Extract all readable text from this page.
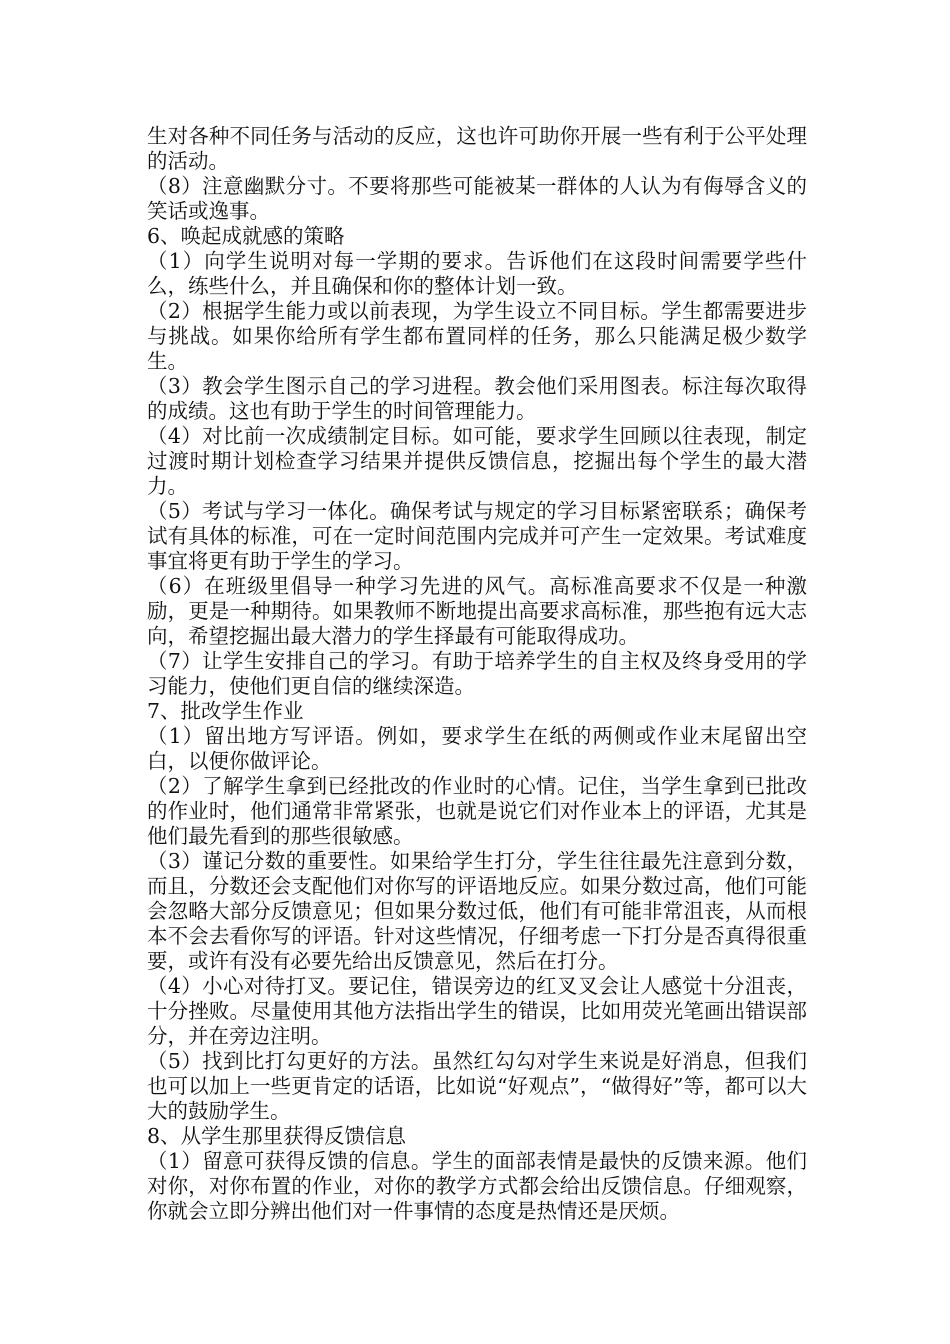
生对各种不同任务与活动的反应，这也许可助你开展一些有利于公平处理的活动。

（8）注意幽默分寸。不要将那些可能被某一群体的人认为有侮辱含义的笑话或逸事。

6、唤起成就感的策略

（1）向学生说明对每一学期的要求。告诉他们在这段时间需要学些什么，练些什么，并且确保和你的整体计划一致。

（2）根据学生能力或以前表现，为学生设立不同目标。学生都需要进步与挑战。如果你给所有学生都布置同样的任务，那么只能满足极少数学生。

（3）教会学生图示自己的学习进程。教会他们采用图表。标注每次取得的成绩。这也有助于学生的时间管理能力。

（4）对比前一次成绩制定目标。如可能，要求学生回顾以往表现，制定过渡时期计划检查学习结果并提供反馈信息，挖掘出每个学生的最大潜力。

（5）考试与学习一体化。确保考试与规定的学习目标紧密联系；确保考试有具体的标准，可在一定时间范围内完成并可产生一定效果。考试难度事宜将更有助于学生的学习。

（6）在班级里倡导一种学习先进的风气。高标准高要求不仅是一种激励，更是一种期待。如果教师不断地提出高要求高标准，那些抱有远大志向，希望挖掘出最大潜力的学生择最有可能取得成功。

（7）让学生安排自己的学习。有助于培养学生的自主权及终身受用的学习能力，使他们更自信的继续深造。

7、批改学生作业

（1）留出地方写评语。例如，要求学生在纸的两侧或作业末尾留出空白，以便你做评论。

（2）了解学生拿到已经批改的作业时的心情。记住，当学生拿到已批改的作业时，他们通常非常紧张，也就是说它们对作业本上的评语，尤其是他们最先看到的那些很敏感。

（3）谨记分数的重要性。如果给学生打分，学生往往最先注意到分数，而且，分数还会支配他们对你写的评语地反应。如果分数过高，他们可能会忽略大部分反馈意见；但如果分数过低，他们有可能非常沮丧，从而根本不会去看你写的评语。针对这些情况，仔细考虑一下打分是否真得很重要，或许有没有必要先给出反馈意见，然后在打分。

（4）小心对待打叉。要记住，错误旁边的红叉叉会让人感觉十分沮丧，十分挫败。尽量使用其他方法指出学生的错误，比如用荧光笔画出错误部分，并在旁边注明。

（5）找到比打勾更好的方法。虽然红勾勾对学生来说是好消息，但我们也可以加上一些更肯定的话语，比如说“好观点”，“做得好”等，都可以大大的鼓励学生。

8、从学生那里获得反馈信息

（1）留意可获得反馈的信息。学生的面部表情是最快的反馈来源。他们对你，对你布置的作业，对你的教学方式都会给出反馈信息。仔细观察，你就会立即分辨出他们对一件事情的态度是热情还是厌烦。
